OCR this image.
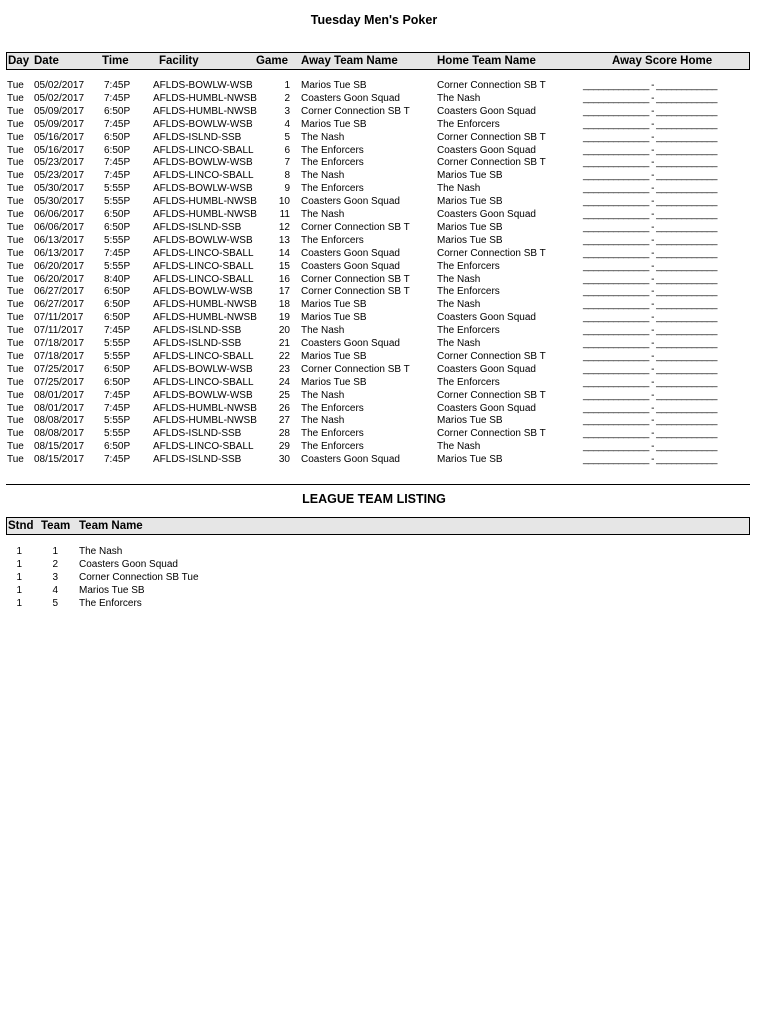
Tuesday Men's Poker
Day Date	Time	Facility	Game Away Team Name	Home Team Name	Away Score Home
Tue 05/02/2017 7:45P AFLDS-BOWLW-WSB	1 Marios Tue SB	Corner Connection SB T	_____________ - ____________
Tue 05/02/2017 7:45P AFLDS-HUMBL-NWSB	2 Coasters Goon Squad	The Nash	_____________ - ____________
Tue 05/09/2017 6:50P AFLDS-HUMBL-NWSB	3 Corner Connection SB T	Coasters Goon Squad	_____________ - ____________
Tue 05/09/2017 7:45P AFLDS-BOWLW-WSB	4 Marios Tue SB	The Enforcers	_____________ - ____________
Tue 05/16/2017 6:50P AFLDS-ISLND-SSB	5 The Nash	Corner Connection SB T	_____________ - ____________
Tue 05/16/2017 6:50P AFLDS-LINCO-SBALL	6 The Enforcers	Coasters Goon Squad	_____________ - ____________
Tue 05/23/2017 7:45P AFLDS-BOWLW-WSB	7 The Enforcers	Corner Connection SB T	_____________ - ____________
Tue 05/23/2017 7:45P AFLDS-LINCO-SBALL	8 The Nash	Marios Tue SB	_____________ - ____________
Tue 05/30/2017 5:55P AFLDS-BOWLW-WSB	9 The Enforcers	The Nash	_____________ - ____________
Tue 05/30/2017 5:55P AFLDS-HUMBL-NWSB	10 Coasters Goon Squad	Marios Tue SB	_____________ - ____________
Tue 06/06/2017 6:50P AFLDS-HUMBL-NWSB	11 The Nash	Coasters Goon Squad	_____________ - ____________
Tue 06/06/2017 6:50P AFLDS-ISLND-SSB	12 Corner Connection SB T	Marios Tue SB	_____________ - ____________
Tue 06/13/2017 5:55P AFLDS-BOWLW-WSB	13 The Enforcers	Marios Tue SB	_____________ - ____________
Tue 06/13/2017 7:45P AFLDS-LINCO-SBALL	14 Coasters Goon Squad	Corner Connection SB T	_____________ - ____________
Tue 06/20/2017 5:55P AFLDS-LINCO-SBALL	15 Coasters Goon Squad	The Enforcers	_____________ - ____________
Tue 06/20/2017 8:40P AFLDS-LINCO-SBALL	16 Corner Connection SB T	The Nash	_____________ - ____________
Tue 06/27/2017 6:50P AFLDS-BOWLW-WSB	17 Corner Connection SB T	The Enforcers	_____________ - ____________
Tue 06/27/2017 6:50P AFLDS-HUMBL-NWSB	18 Marios Tue SB	The Nash	_____________ - ____________
Tue 07/11/2017 6:50P AFLDS-HUMBL-NWSB	19 Marios Tue SB	Coasters Goon Squad	_____________ - ____________
Tue 07/11/2017 7:45P AFLDS-ISLND-SSB	20 The Nash	The Enforcers	_____________ - ____________
Tue 07/18/2017 5:55P AFLDS-ISLND-SSB	21 Coasters Goon Squad	The Nash	_____________ - ____________
Tue 07/18/2017 5:55P AFLDS-LINCO-SBALL	22 Marios Tue SB	Corner Connection SB T	_____________ - ____________
Tue 07/25/2017 6:50P AFLDS-BOWLW-WSB	23 Corner Connection SB T	Coasters Goon Squad	_____________ - ____________
Tue 07/25/2017 6:50P AFLDS-LINCO-SBALL	24 Marios Tue SB	The Enforcers	_____________ - ____________
Tue 08/01/2017 7:45P AFLDS-BOWLW-WSB	25 The Nash	Corner Connection SB T	_____________ - ____________
Tue 08/01/2017 7:45P AFLDS-HUMBL-NWSB	26 The Enforcers	Coasters Goon Squad	_____________ - ____________
Tue 08/08/2017 5:55P AFLDS-HUMBL-NWSB	27 The Nash	Marios Tue SB	_____________ - ____________
Tue 08/08/2017 5:55P AFLDS-ISLND-SSB	28 The Enforcers	Corner Connection SB T	_____________ - ____________
Tue 08/15/2017 6:50P AFLDS-LINCO-SBALL	29 The Enforcers	The Nash	_____________ - ____________
Tue 08/15/2017 7:45P AFLDS-ISLND-SSB	30 Coasters Goon Squad	Marios Tue SB	_____________ - ____________
LEAGUE TEAM LISTING
Stnd Team Team Name
1	1 The Nash
1	2 Coasters Goon Squad
1	3 Corner Connection SB Tue
1	4 Marios Tue SB
1	5 The Enforcers
